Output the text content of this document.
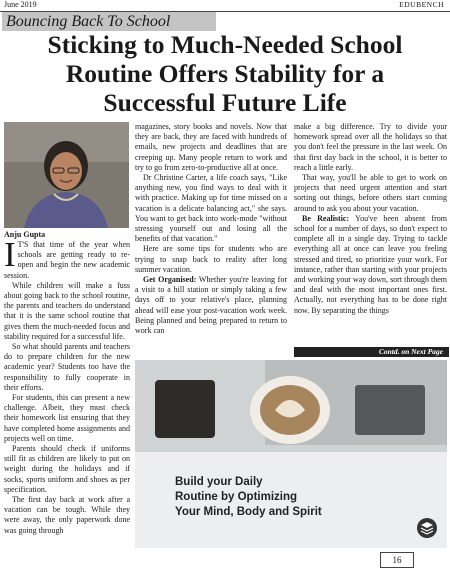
June 2019	EDUBENCH
Bouncing Back To School
Sticking to Much-Needed School Routine Offers Stability for a Successful Future Life
Anju Gupta

I T'S that time of the year when schools are getting ready to re-open and begin the new academic session.

While children will make a fuss about going back to the school routine, the parents and teachers do understand that it is the same school routine that gives them the much-needed focus and stability required for a successful life.

So what should parents and teachers do to prepare children for the new academic year? Students too have the responsibility to fully cooperate in their efforts.

For students, this can present a new challenge. Albeit, they must check their homework list ensuring that they have completed home assignments and projects well on time.

Parents should check if uniforms still fit as children are likely to put on weight during the holidays and if socks, sports uniform and shoes as per specification.

The first day back at work after a vacation can be tough. While they were away, the only paperwork done was going through

magazines, story books and novels. Now that they are back, they are faced with hundreds of emails, new projects and deadlines that are creeping up. Many people return to work and try to go from zero-to-productive all at once.

Dr Christine Carter, a life coach says, "Like anything new, you find ways to deal with it with practice. Making up for time missed on a vacation is a delicate balancing act," she says. You want to get back into work-mode "without stressing yourself out and losing all the benefits of that vacation."

Here are some tips for students who are trying to snap back to reality after long summer vacation.

Get Organised: Whether you're leaving for a visit to a hill station or simply taking a few days off to your relative's place, planning ahead will ease your post-vacation work week. Being planned and being prepared to return to work can

make a big difference. Try to divide your homework spread over all the holidays so that you don't feel the pressure in the last week. On that first day back in the school, it is better to reach a little early.

That way, you'll be able to get to work on projects that need urgent attention and start sorting out things, before others start coming around to ask you about your vacation.

Be Realistic: You've been absent from school for a number of days, so don't expect to complete all in a single day. Trying to tackle everything all at once can leave you feeling stressed and tired, so prioritize your work. For instance, rather than starting with your projects and working your way down, sort through them and deal with the most important ones first. Actually, not everything has to be done right now. By separating the things

Contd. on Next Page
Build your Daily
Routine by Optimizing
Your Mind, Body and Spirit
16
